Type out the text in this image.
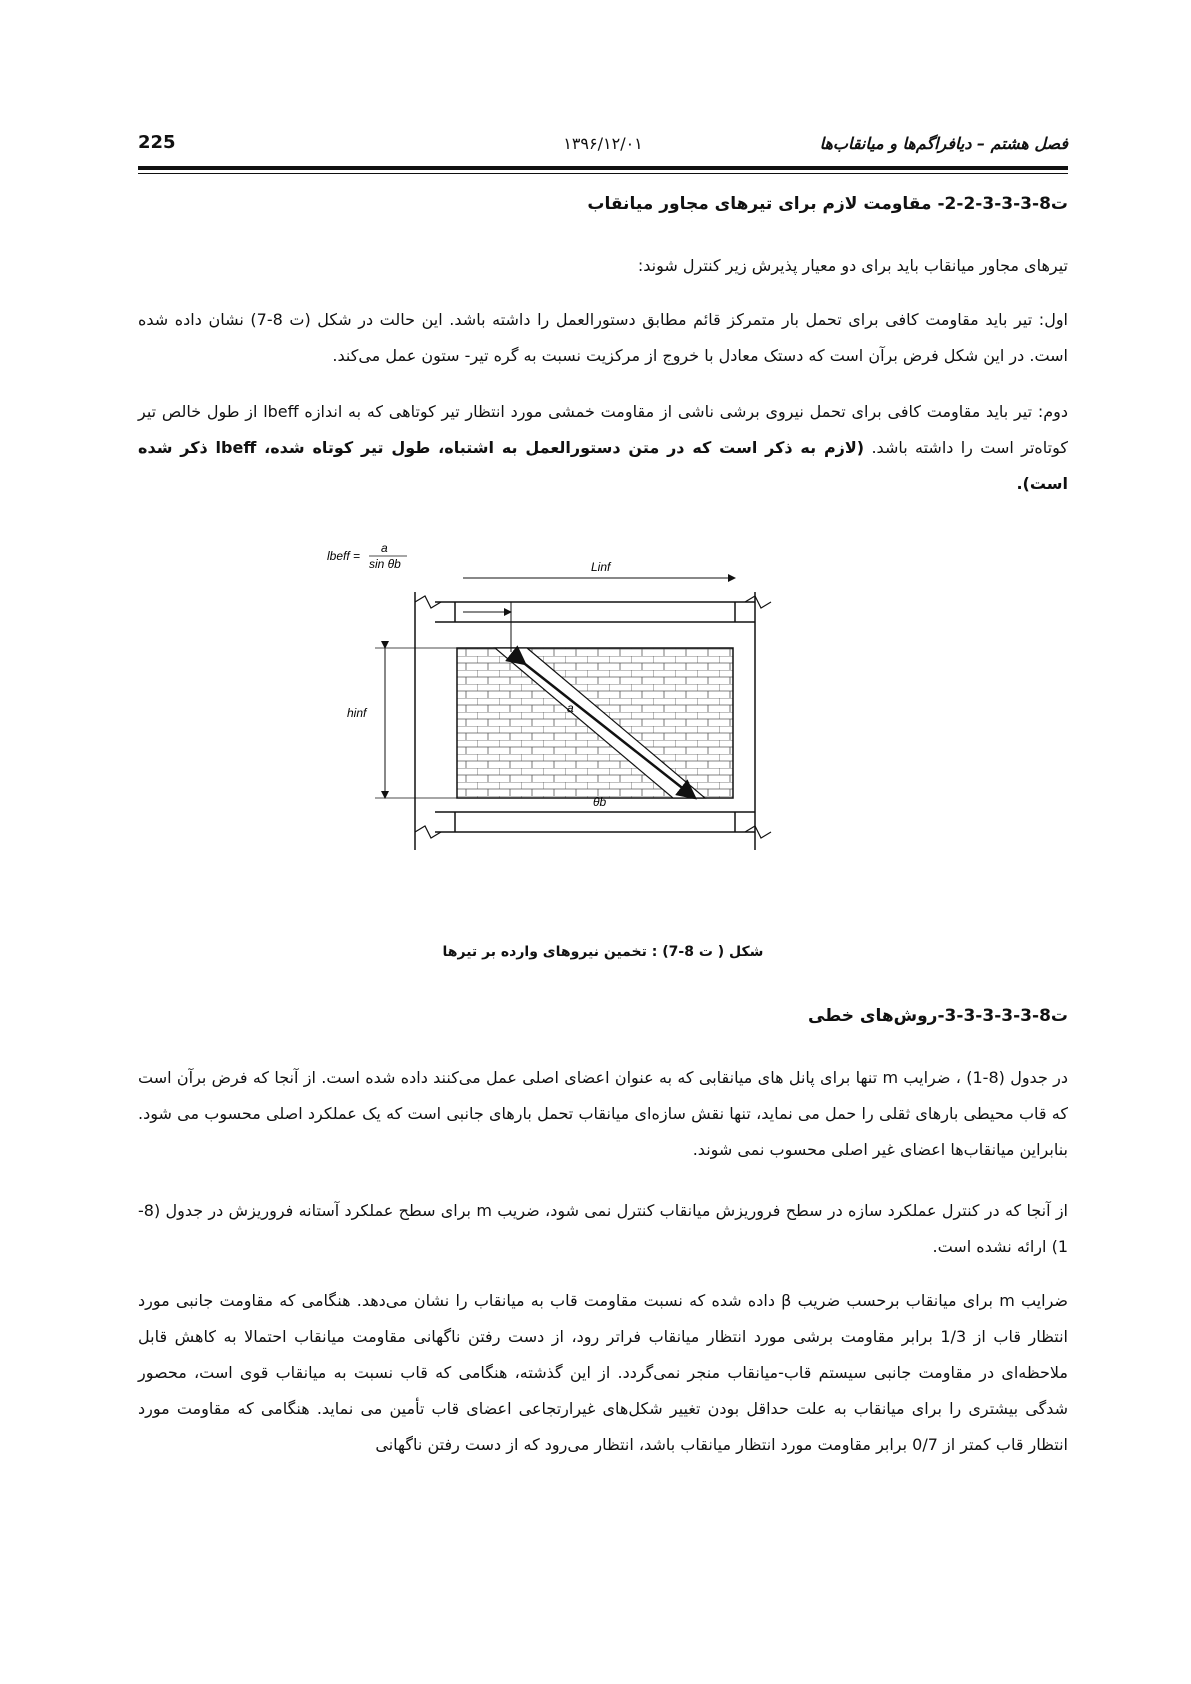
225	۱۳۹۶/۱۲/۰۱	فصل هشتم – دیافراگم‌ها و میانقاب‌ها
ت8-3-3-3-2-2- مقاومت لازم برای تیرهای مجاور میانقاب
تیرهای مجاور میانقاب باید برای دو معیار پذیرش زیر کنترل شوند:
اول: تیر باید مقاومت کافی برای تحمل بار متمرکز قائم مطابق دستورالعمل را داشته باشد. این حالت در شکل (ت 8-7) نشان داده شده است. در این شکل فرض برآن است که دستک معادل با خروج از مرکزیت نسبت به گره تیر- ستون عمل می‌کند.
دوم: تیر باید مقاومت کافی برای تحمل نیروی برشی ناشی از مقاومت خمشی مورد انتظار تیر کوتاهی که به اندازه lbeff از طول خالص تیر کوتاه‌تر است را داشته باشد. (لازم به ذکر است که در متن دستورالعمل به اشتباه، طول تیر کوتاه شده، lbeff ذکر شده است).
lbeff =
a
sin θb	Linf
hinf	a
θb
شکل ( ت 8-7) : تخمین نیروهای وارده بر تیرها
ت8-3-3-3-3-3-روش‌های خطی
در جدول (8-1) ، ضرایب m تنها برای پانل های میانقابی که به عنوان اعضای اصلی عمل می‌کنند داده شده است. از آنجا که فرض برآن است که قاب محیطی بارهای ثقلی را حمل می نماید، تنها نقش سازه‌ای میانقاب تحمل بارهای جانبی است که یک عملکرد اصلی محسوب می شود. بنابراین میانقاب‌ها اعضای غیر اصلی محسوب نمی شوند.
از آنجا که در کنترل عملکرد سازه در سطح فروریزش میانقاب کنترل نمی شود، ضریب m برای سطح عملکرد آستانه فروریزش در جدول (8-1) ارائه نشده است.
ضرایب m برای میانقاب برحسب ضریب β داده شده که نسبت مقاومت قاب به میانقاب را نشان می‌دهد. هنگامی که مقاومت جانبی مورد انتظار قاب از 1/3 برابر مقاومت برشی مورد انتظار میانقاب فراتر رود، از دست رفتن ناگهانی مقاومت میانقاب احتمالا به کاهش قابل ملاحظه‌ای در مقاومت جانبی سیستم قاب-میانقاب منجر نمی‌گردد. از این گذشته، هنگامی که قاب نسبت به میانقاب قوی است، محصور شدگی بیشتری را برای میانقاب به علت حداقل بودن تغییر شکل‌های غیرارتجاعی اعضای قاب تأمین می نماید. هنگامی که مقاومت مورد انتظار قاب کمتر از 0/7 برابر مقاومت مورد انتظار میانقاب باشد، انتظار می‌رود که از دست رفتن ناگهانی
